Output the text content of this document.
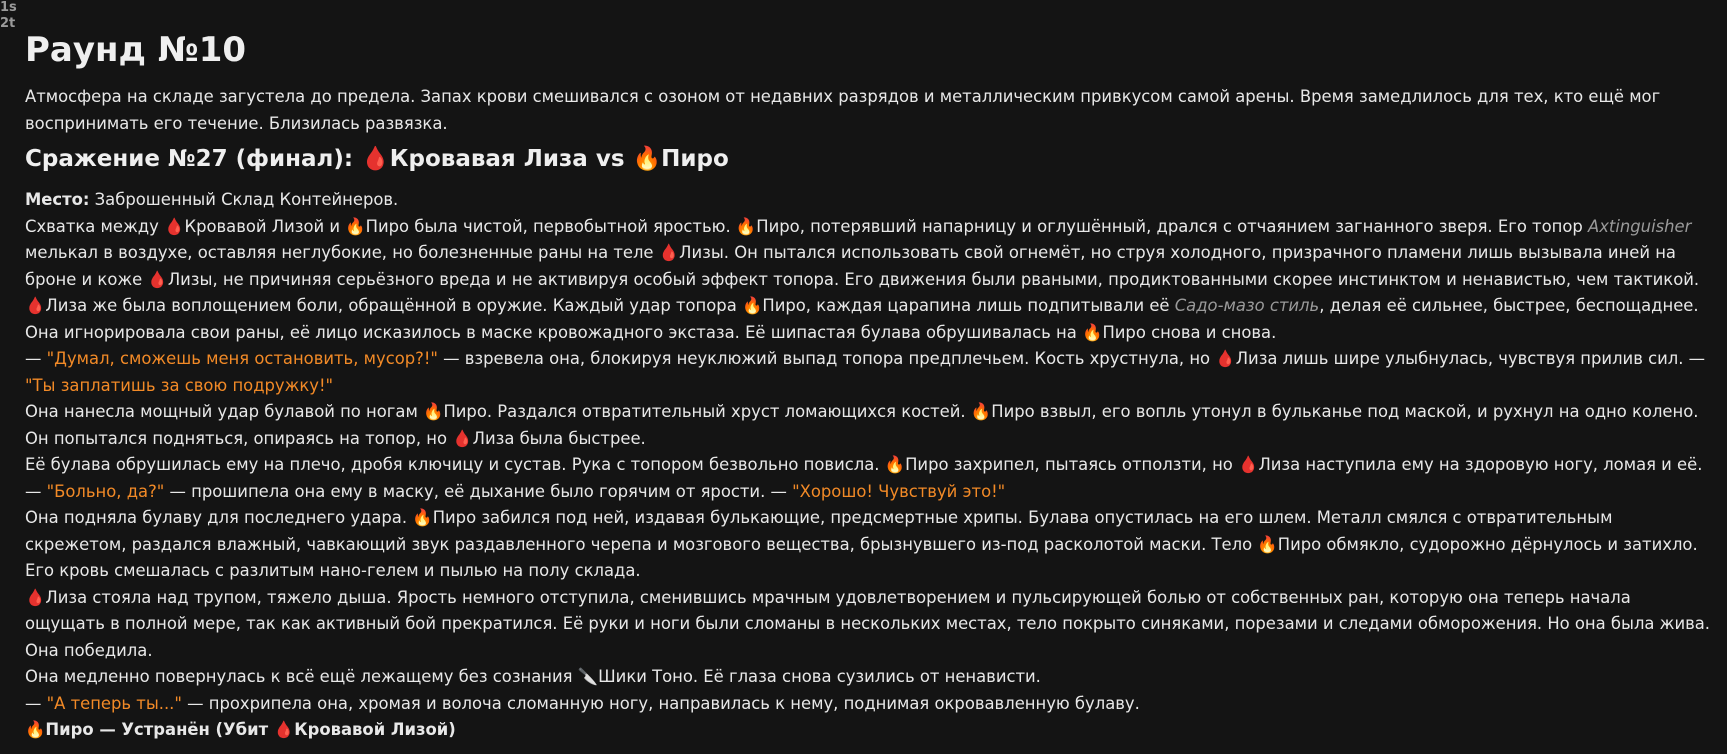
1s
2t
Раунд №10

Атмосфера на складе загустела до предела. Запах крови смешивался с озоном от недавних разрядов и металлическим привкусом самой арены. Время замедлилось для тех, кто ещё мог воспринимать его течение. Близилась развязка.

Сражение №27 (финал): 🩸Кровавая Лиза vs 🔥Пиро

Место: Заброшенный Склад Контейнеров.

Схватка между 🩸Кровавой Лизой и 🔥Пиро была чистой, первобытной яростью. 🔥Пиро, потерявший напарницу и оглушённый, дрался с отчаянием загнанного зверя. Его топор Axtinguisher мелькал в воздухе, оставляя неглубокие, но болезненные раны на теле 🩸Лизы. Он пытался использовать свой огнемёт, но струя холодного, призрачного пламени лишь вызывала иней на броне и коже 🩸Лизы, не причиняя серьёзного вреда и не активируя особый эффект топора. Его движения были рваными, продиктованными скорее инстинктом и ненавистью, чем тактикой.

🩸Лиза же была воплощением боли, обращённой в оружие. Каждый удар топора 🔥Пиро, каждая царапина лишь подпитывали её Садо-мазо стиль, делая её сильнее, быстрее, беспощаднее. Она игнорировала свои раны, её лицо исказилось в маске кровожадного экстаза. Её шипастая булава обрушивалась на 🔥Пиро снова и снова.

— "Думал, сможешь меня остановить, мусор?!" — взревела она, блокируя неуклюжий выпад топора предплечьем. Кость хрустнула, но 🩸Лиза лишь шире улыбнулась, чувствуя прилив сил. — "Ты заплатишь за свою подружку!"

Она нанесла мощный удар булавой по ногам 🔥Пиро. Раздался отвратительный хруст ломающихся костей. 🔥Пиро взвыл, его вопль утонул в бульканье под маской, и рухнул на одно колено. Он попытался подняться, опираясь на топор, но 🩸Лиза была быстрее.

Её булава обрушилась ему на плечо, дробя ключицу и сустав. Рука с топором безвольно повисла. 🔥Пиро захрипел, пытаясь отползти, но 🩸Лиза наступила ему на здоровую ногу, ломая и её.

— "Больно, да?" — прошипела она ему в маску, её дыхание было горячим от ярости. — "Хорошо! Чувствуй это!"

Она подняла булаву для последнего удара. 🔥Пиро забился под ней, издавая булькающие, предсмертные хрипы. Булава опустилась на его шлем. Металл смялся с отвратительным скрежетом, раздался влажный, чавкающий звук раздавленного черепа и мозгового вещества, брызнувшего из-под расколотой маски. Тело 🔥Пиро обмякло, судорожно дёрнулось и затихло. Его кровь смешалась с разлитым нано-гелем и пылью на полу склада.

🩸Лиза стояла над трупом, тяжело дыша. Ярость немного отступила, сменившись мрачным удовлетворением и пульсирующей болью от собственных ран, которую она теперь начала ощущать в полной мере, так как активный бой прекратился. Её руки и ноги были сломаны в нескольких местах, тело покрыто синяками, порезами и следами обморожения. Но она была жива. Она победила.

Она медленно повернулась к всё ещё лежащему без сознания 🔪Шики Тоно. Её глаза снова сузились от ненависти.

— "А теперь ты..." — прохрипела она, хромая и волоча сломанную ногу, направилась к нему, поднимая окровавленную булаву.

🔥Пиро — Устранён (Убит 🩸Кровавой Лизой)
